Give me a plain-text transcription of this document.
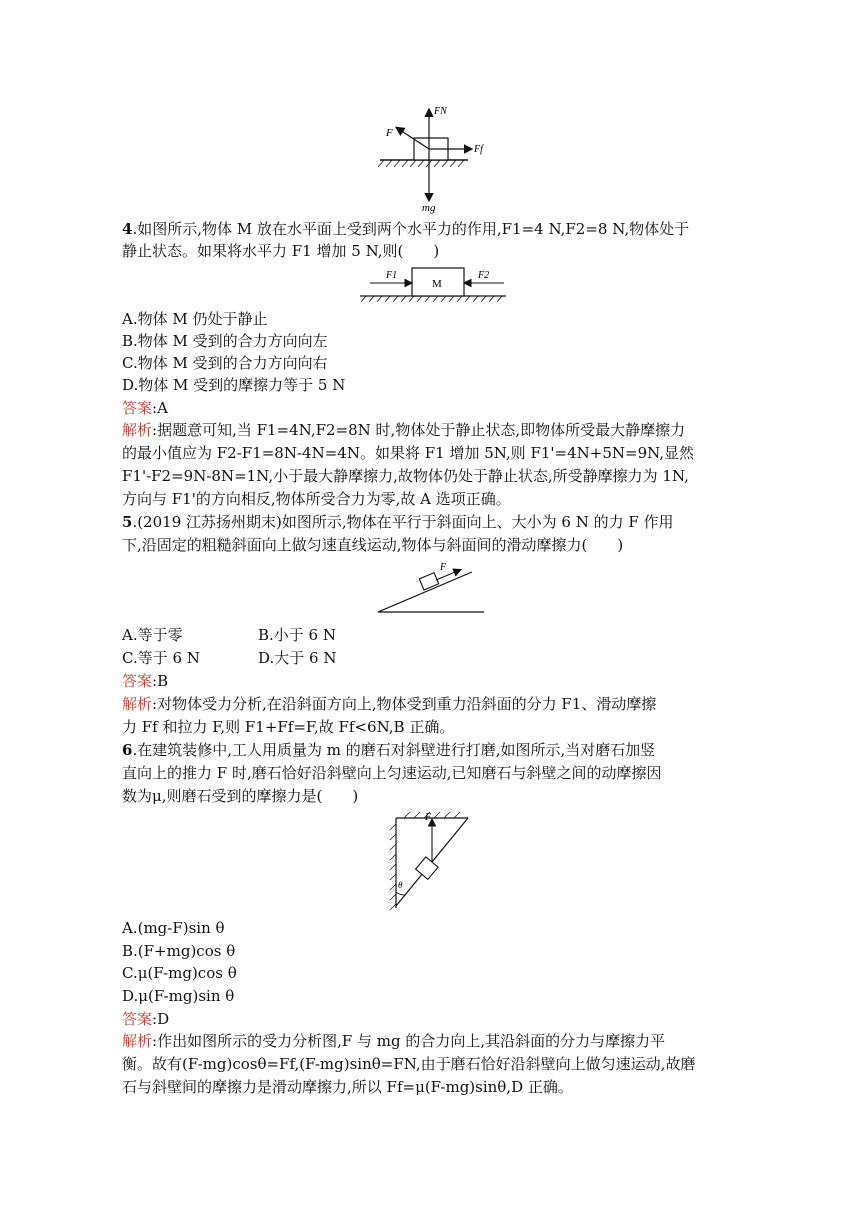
FN
F
Ff
mg
4.如图所示,物体 M 放在水平面上受到两个水平力的作用,F1=4 N,F2=8 N,物体处于
静止状态。如果将水平力 F1 增加 5 N,则(　　)
F1
M
F2
A.物体 M 仍处于静止
B.物体 M 受到的合力方向向左
C.物体 M 受到的合力方向向右
D.物体 M 受到的摩擦力等于 5 N
答案:A
解析:据题意可知,当 F1=4N,F2=8N 时,物体处于静止状态,即物体所受最大静摩擦力
的最小值应为 F2-F1=8N-4N=4N。如果将 F1 增加 5N,则 F1'=4N+5N=9N,显然
F1'-F2=9N-8N=1N,小于最大静摩擦力,故物体仍处于静止状态,所受静摩擦力为 1N,
方向与 F1'的方向相反,物体所受合力为零,故 A 选项正确。
5.(2019 江苏扬州期末)如图所示,物体在平行于斜面向上、大小为 6 N 的力 F 作用
下,沿固定的粗糙斜面向上做匀速直线运动,物体与斜面间的滑动摩擦力(　　)
F
A.等于零	B.小于 6 N
C.等于 6 N	D.大于 6 N
答案:B
解析:对物体受力分析,在沿斜面方向上,物体受到重力沿斜面的分力 F1、滑动摩擦
力 Ff 和拉力 F,则 F1+Ff=F,故 Ff<6N,B 正确。
6.在建筑装修中,工人用质量为 m 的磨石对斜壁进行打磨,如图所示,当对磨石加竖
直向上的推力 F 时,磨石恰好沿斜壁向上匀速运动,已知磨石与斜壁之间的动摩擦因
数为μ,则磨石受到的摩擦力是(　　)
F
θ
A.(mg-F)sin θ
B.(F+mg)cos θ
C.μ(F-mg)cos θ
D.μ(F-mg)sin θ
答案:D
解析:作出如图所示的受力分析图,F 与 mg 的合力向上,其沿斜面的分力与摩擦力平
衡。故有(F-mg)cosθ=Ff,(F-mg)sinθ=FN,由于磨石恰好沿斜壁向上做匀速运动,故磨
石与斜壁间的摩擦力是滑动摩擦力,所以 Ff=μ(F-mg)sinθ,D 正确。
